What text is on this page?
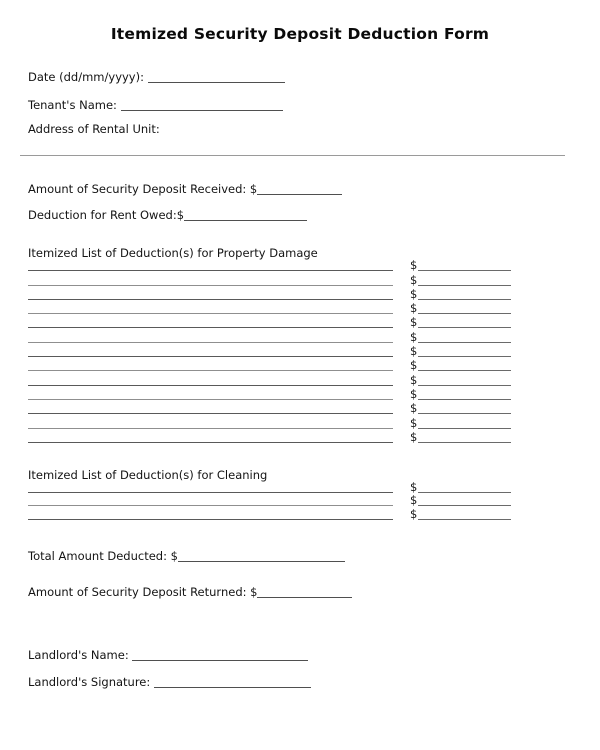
Itemized Security Deposit Deduction Form
Date (dd/mm/yyyy):
Tenant's Name:
Address of Rental Unit:
Amount of Security Deposit Received: $
Deduction for Rent Owed:$
Itemized List of Deduction(s) for Property Damage
$
$
$
$
$
$
$
$
$
$
$
$
$
Itemized List of Deduction(s) for Cleaning
$
$
$
Total Amount Deducted: $
Amount of Security Deposit Returned: $
Landlord's Name:
Landlord's Signature:
